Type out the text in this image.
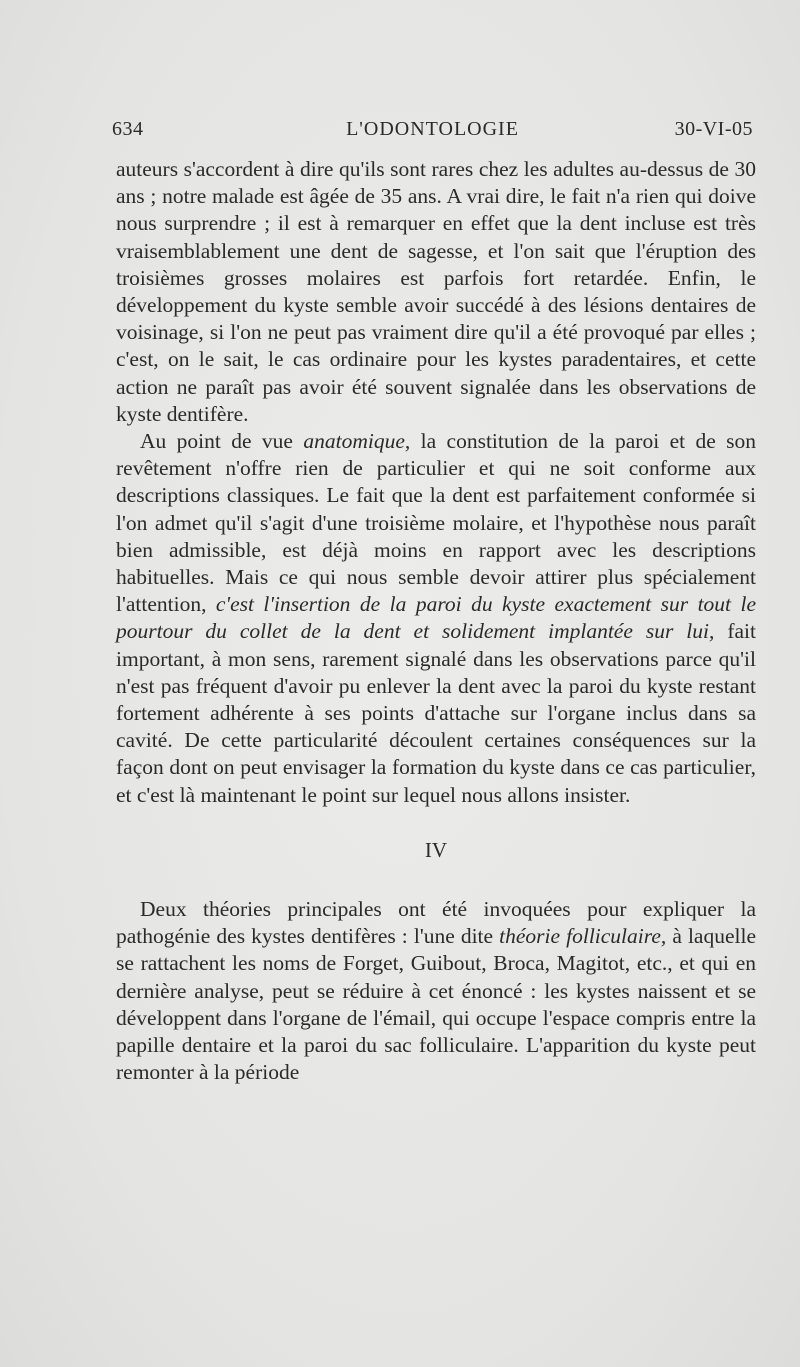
634	L'ODONTOLOGIE	30-VI-05

auteurs s'accordent à dire qu'ils sont rares chez les adultes au-dessus de 30 ans ; notre malade est âgée de 35 ans. A vrai dire, le fait n'a rien qui doive nous surprendre ; il est à remarquer en effet que la dent incluse est très vraisemblablement une dent de sagesse, et l'on sait que l'éruption des troisièmes grosses molaires est parfois fort retardée. Enfin, le développement du kyste semble avoir succédé à des lésions dentaires de voisinage, si l'on ne peut pas vraiment dire qu'il a été provoqué par elles ; c'est, on le sait, le cas ordinaire pour les kystes paradentaires, et cette action ne paraît pas avoir été souvent signalée dans les observations de kyste dentifère.

Au point de vue anatomique, la constitution de la paroi et de son revêtement n'offre rien de particulier et qui ne soit conforme aux descriptions classiques. Le fait que la dent est parfaitement conformée si l'on admet qu'il s'agit d'une troisième molaire, et l'hypothèse nous paraît bien admissible, est déjà moins en rapport avec les descriptions habituelles. Mais ce qui nous semble devoir attirer plus spécialement l'attention, c'est l'insertion de la paroi du kyste exactement sur tout le pourtour du collet de la dent et solidement implantée sur lui, fait important, à mon sens, rarement signalé dans les observations parce qu'il n'est pas fréquent d'avoir pu enlever la dent avec la paroi du kyste restant fortement adhérente à ses points d'attache sur l'organe inclus dans sa cavité. De cette particularité découlent certaines conséquences sur la façon dont on peut envisager la formation du kyste dans ce cas particulier, et c'est là maintenant le point sur lequel nous allons insister.

IV

Deux théories principales ont été invoquées pour expliquer la pathogénie des kystes dentifères : l'une dite théorie folliculaire, à laquelle se rattachent les noms de Forget, Guibout, Broca, Magitot, etc., et qui en dernière analyse, peut se réduire à cet énoncé : les kystes naissent et se développent dans l'organe de l'émail, qui occupe l'espace compris entre la papille dentaire et la paroi du sac folliculaire. L'apparition du kyste peut remonter à la période
